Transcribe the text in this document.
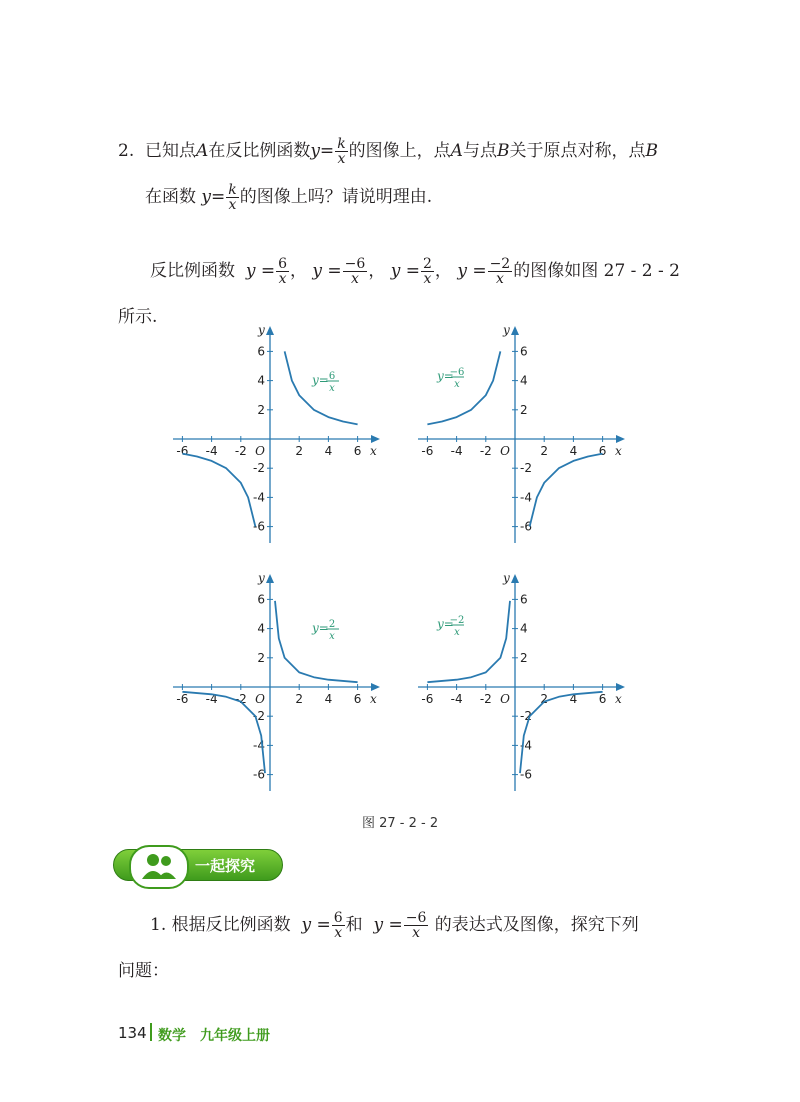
2. 已知点A在反比例函数$y= \frac{k}{x}$ 的图像上，点A与点B关于原点对称，点B
在函数 $y= \frac{k}{x}$ 的图像上吗？请说明理由.
反比例函数 $y = \frac{6}{x}$ ， $y = \frac{-6}{x}$ ， $y = \frac{2}{x}$ ， $y = \frac{-2}{x}$ 的图像如图 27 - 2 - 2
所示.
-6 -4 -2	2 4 6
6
4
2
-2
-4
-6
O	x
y
y= 6
x
-6 -4 -2	2 4 6
6
4
2
-2
-4
-6
O	x
y
y=
−6
x
-6 -4 -2	2 4 6
6
4
2
-2
-4
-6
O	x
y
y= 2
x
-6 -4 -2	2 4 6
6
4
2
-2
-4
-6
O	x
y
y=
−2
x
图 27 - 2 - 2
一起探究
1. 根据反比例函数 $y = \frac{6}{x}$ 和 $y = \frac{-6}{x}$ 的表达式及图像，探究下列
问题：
134 数学　九年级上册
